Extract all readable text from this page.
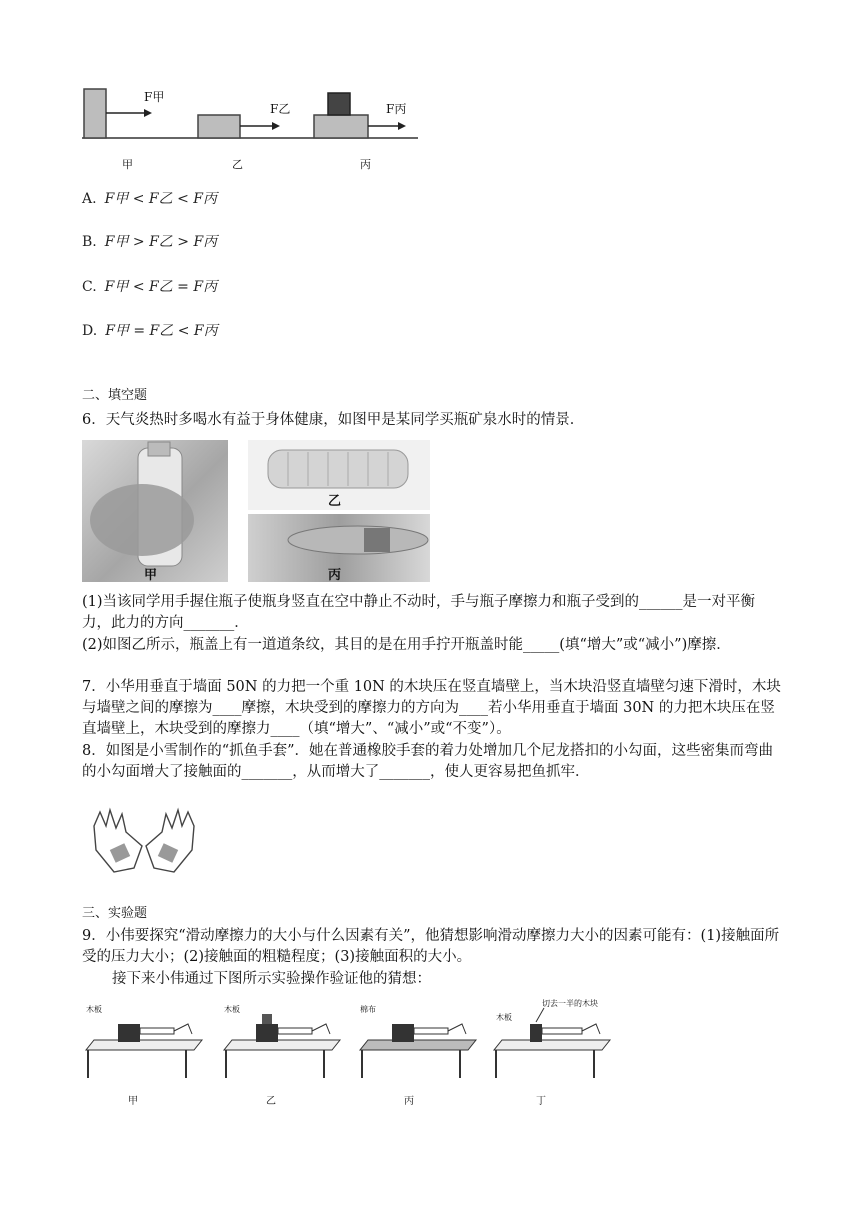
F甲
F乙	F丙
甲	乙	丙
A. F甲 < F乙 < F丙
B. F甲 > F乙 > F丙
C. F甲 < F乙 = F丙
D. F甲 = F乙 < F丙
二、填空题
6．天气炎热时多喝水有益于身体健康，如图甲是某同学买瓶矿泉水时的情景．
甲
乙
丙
(1)当该同学用手握住瓶子使瓶身竖直在空中静止不动时，手与瓶子摩擦力和瓶子受到的______是一对平衡力，此力的方向_______．
(2)如图乙所示，瓶盖上有一道道条纹，其目的是在用手拧开瓶盖时能_____(填“增大”或“减小”)摩擦．
7．小华用垂直于墙面 50N 的力把一个重 10N 的木块压在竖直墙壁上，当木块沿竖直墙壁匀速下滑时，木块与墙壁之间的摩擦为____摩擦，木块受到的摩擦力的方向为____若小华用垂直于墙面 30N 的力把木块压在竖直墙壁上，木块受到的摩擦力____（填“增大”、“减小”或“不变”）。
8．如图是小雪制作的“抓鱼手套”．她在普通橡胶手套的着力处增加几个尼龙搭扣的小勾面，这些密集而弯曲的小勾面增大了接触面的_______，从而增大了_______，使人更容易把鱼抓牢．
三、实验题
9．小伟要探究“滑动摩擦力的大小与什么因素有关”，他猜想影响滑动摩擦力大小的因素可能有：(1)接触面所受的压力大小；(2)接触面的粗糙程度；(3)接触面积的大小。
接下来小伟通过下图所示实验操作验证他的猜想：
木板
甲
木板
乙
棉布
丙
木板
切去一半的木块
丁
